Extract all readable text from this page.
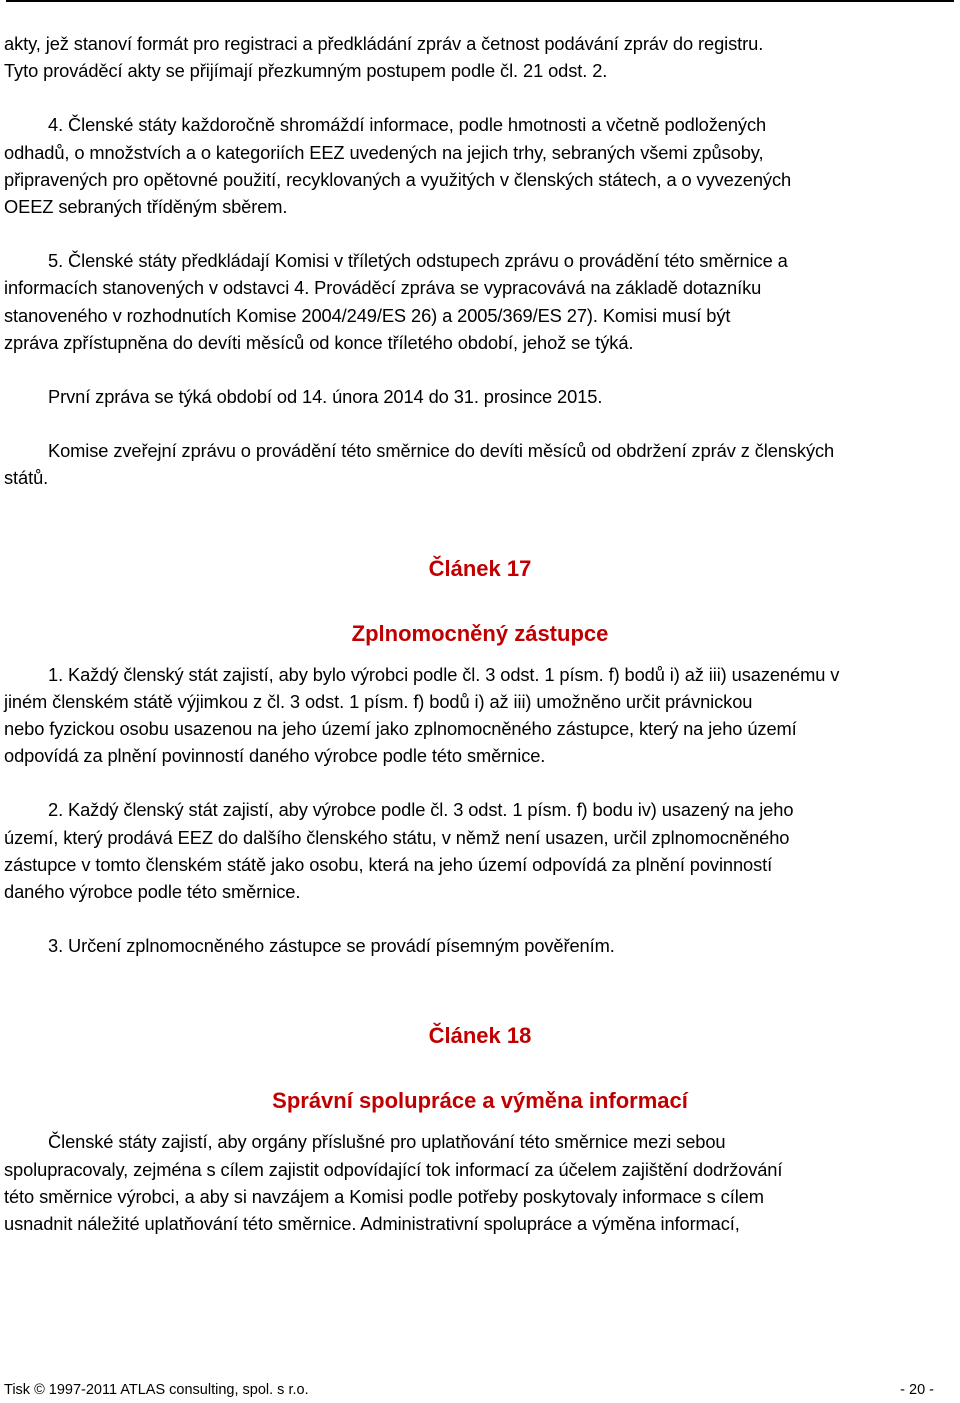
akty, jež stanoví formát pro registraci a předkládání zpráv a četnost podávání zpráv do registru.

Tyto prováděcí akty se přijímají přezkumným postupem podle čl. 21 odst. 2.

4. Členské státy každoročně shromáždí informace, podle hmotnosti a včetně podložených

odhadů, o množstvích a o kategoriích EEZ uvedených na jejich trhy, sebraných všemi způsoby,

připravených pro opětovné použití, recyklovaných a využitých v členských státech, a o vyvezených

OEEZ sebraných tříděným sběrem.

5. Členské státy předkládají Komisi v tříletých odstupech zprávu o provádění této směrnice a

informacích stanovených v odstavci 4. Prováděcí zpráva se vypracovává na základě dotazníku

stanoveného v rozhodnutích Komise 2004/249/ES 26) a 2005/369/ES 27). Komisi musí být

zpráva zpřístupněna do devíti měsíců od konce tříletého období, jehož se týká.

První zpráva se týká období od 14. února 2014 do 31. prosince 2015.

Komise zveřejní zprávu o provádění této směrnice do devíti měsíců od obdržení zpráv z členských

států.

Článek 17
Zplnomocněný zástupce

1. Každý členský stát zajistí, aby bylo výrobci podle čl. 3 odst. 1 písm. f) bodů i) až iii) usazenému v

jiném členském státě výjimkou z čl. 3 odst. 1 písm. f) bodů i) až iii) umožněno určit právnickou

nebo fyzickou osobu usazenou na jeho území jako zplnomocněného zástupce, který na jeho území

odpovídá za plnění povinností daného výrobce podle této směrnice.

2. Každý členský stát zajistí, aby výrobce podle čl. 3 odst. 1 písm. f) bodu iv) usazený na jeho

území, který prodává EEZ do dalšího členského státu, v němž není usazen, určil zplnomocněného

zástupce v tomto členském státě jako osobu, která na jeho území odpovídá za plnění povinností

daného výrobce podle této směrnice.

3. Určení zplnomocněného zástupce se provádí písemným pověřením.

Článek 18
Správní spolupráce a výměna informací

Členské státy zajistí, aby orgány příslušné pro uplatňování této směrnice mezi sebou

spolupracovaly, zejména s cílem zajistit odpovídající tok informací za účelem zajištění dodržování

této směrnice výrobci, a aby si navzájem a Komisi podle potřeby poskytovaly informace s cílem

usnadnit náležité uplatňování této směrnice. Administrativní spolupráce a výměna informací,

Tisk © 1997-2011 ATLAS consulting, spol. s r.o.	- 20 -
